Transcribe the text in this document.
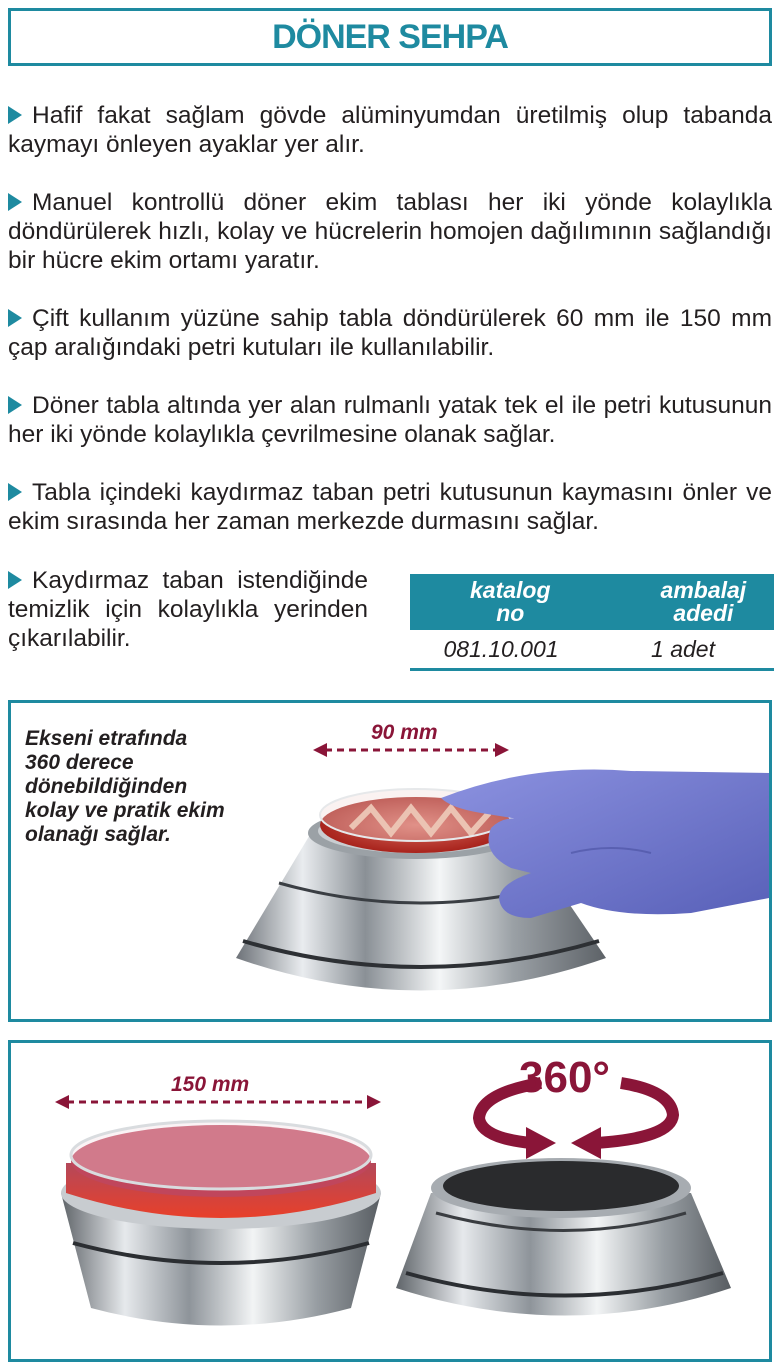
DÖNER SEHPA

Hafif fakat sağlam gövde alüminyumdan üretilmiş olup tabanda kaymayı önleyen ayaklar yer alır.

Manuel kontrollü döner ekim tablası her iki yönde kolaylıkla döndürülerek hızlı, kolay ve hücrelerin homojen dağılımının sağlandığı bir hücre ekim ortamı yaratır.

Çift kullanım yüzüne sahip tabla döndürülerek 60 mm ile 150 mm çap aralığındaki petri kutuları ile kullanılabilir.

Döner tabla altında yer alan rulmanlı yatak tek el ile petri kutusunun her iki yönde kolaylıkla çevrilmesine olanak sağlar.

Tabla içindeki kaydırmaz taban petri kutusunun kaymasını önler ve ekim sırasında her zaman merkezde durmasını sağlar.

Kaydırmaz taban istendiğinde temizlik için kolaylıkla yerinden çıkarılabilir.

katalog no
ambalaj adedi
081.10.001	1 adet
Ekseni etrafında 360 derece dönebildiğinden kolay ve pratik ekim olanağı sağlar.
90 mm
150 mm	360°
